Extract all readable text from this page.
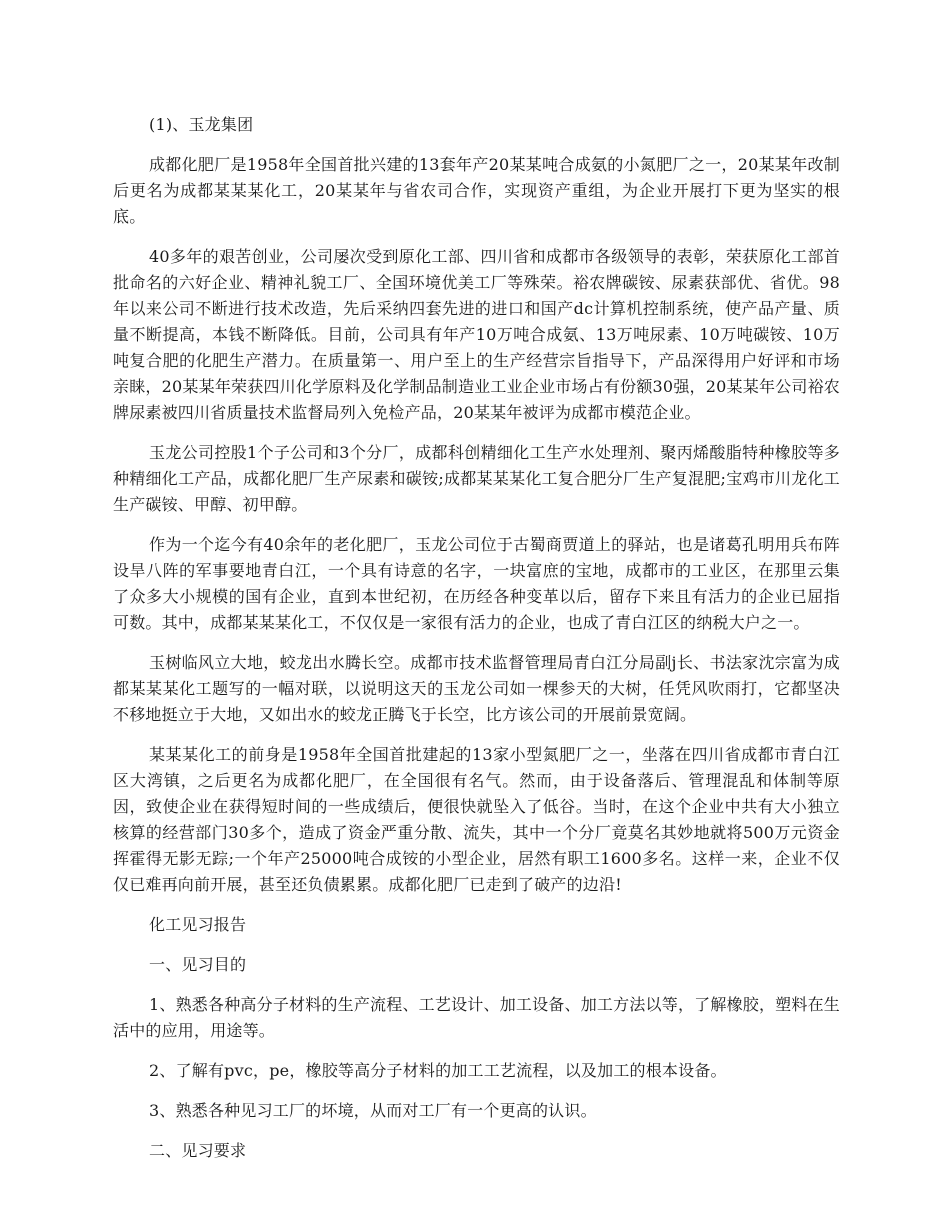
(1)、玉龙集团

成都化肥厂是1958年全国首批兴建的13套年产20某某吨合成氨的小氮肥厂之一，20某某年改制后更名为成都某某某化工，20某某年与省农司合作，实现资产重组，为企业开展打下更为坚实的根底。

40多年的艰苦创业，公司屡次受到原化工部、四川省和成都市各级领导的表彰，荣获原化工部首批命名的六好企业、精神礼貌工厂、全国环境优美工厂等殊荣。裕农牌碳铵、尿素获部优、省优。98年以来公司不断进行技术改造，先后采纳四套先进的进口和国产dc计算机控制系统，使产品产量、质量不断提高，本钱不断降低。目前，公司具有年产10万吨合成氨、13万吨尿素、10万吨碳铵、10万吨复合肥的化肥生产潜力。在质量第一、用户至上的生产经营宗旨指导下，产品深得用户好评和市场亲睐，20某某年荣获四川化学原料及化学制品制造业工业企业市场占有份额30强，20某某年公司裕农牌尿素被四川省质量技术监督局列入免检产品，20某某年被评为成都市模范企业。

玉龙公司控股1个子公司和3个分厂，成都科创精细化工生产水处理剂、聚丙烯酸脂特种橡胶等多种精细化工产品，成都化肥厂生产尿素和碳铵;成都某某某化工复合肥分厂生产复混肥;宝鸡市川龙化工生产碳铵、甲醇、初甲醇。

作为一个迄今有40余年的老化肥厂，玉龙公司位于古蜀商贾道上的驿站，也是诸葛孔明用兵布阵设旱八阵的军事要地青白江，一个具有诗意的名字，一块富庶的宝地，成都市的工业区，在那里云集了众多大小规模的国有企业，直到本世纪初，在历经各种变革以后，留存下来且有活力的企业已屈指可数。其中，成都某某某化工，不仅仅是一家很有活力的企业，也成了青白江区的纳税大户之一。

玉树临风立大地，蛟龙出水腾长空。成都市技术监督管理局青白江分局副j长、书法家沈宗富为成都某某某化工题写的一幅对联，以说明这天的玉龙公司如一棵参天的大树，任凭风吹雨打，它都坚决不移地挺立于大地，又如出水的蛟龙正腾飞于长空，比方该公司的开展前景宽阔。

某某某化工的前身是1958年全国首批建起的13家小型氮肥厂之一，坐落在四川省成都市青白江区大湾镇，之后更名为成都化肥厂，在全国很有名气。然而，由于设备落后、管理混乱和体制等原因，致使企业在获得短时间的一些成绩后，便很快就坠入了低谷。当时，在这个企业中共有大小独立核算的经营部门30多个，造成了资金严重分散、流失，其中一个分厂竟莫名其妙地就将500万元资金挥霍得无影无踪;一个年产25000吨合成铵的小型企业，居然有职工1600多名。这样一来，企业不仅仅已难再向前开展，甚至还负债累累。成都化肥厂已走到了破产的边沿!

化工见习报告

一、见习目的

1、熟悉各种高分子材料的生产流程、工艺设计、加工设备、加工方法以等，了解橡胶，塑料在生活中的应用，用途等。

2、了解有pvc，pe，橡胶等高分子材料的加工工艺流程，以及加工的根本设备。

3、熟悉各种见习工厂的坏境，从而对工厂有一个更高的认识。

二、见习要求
